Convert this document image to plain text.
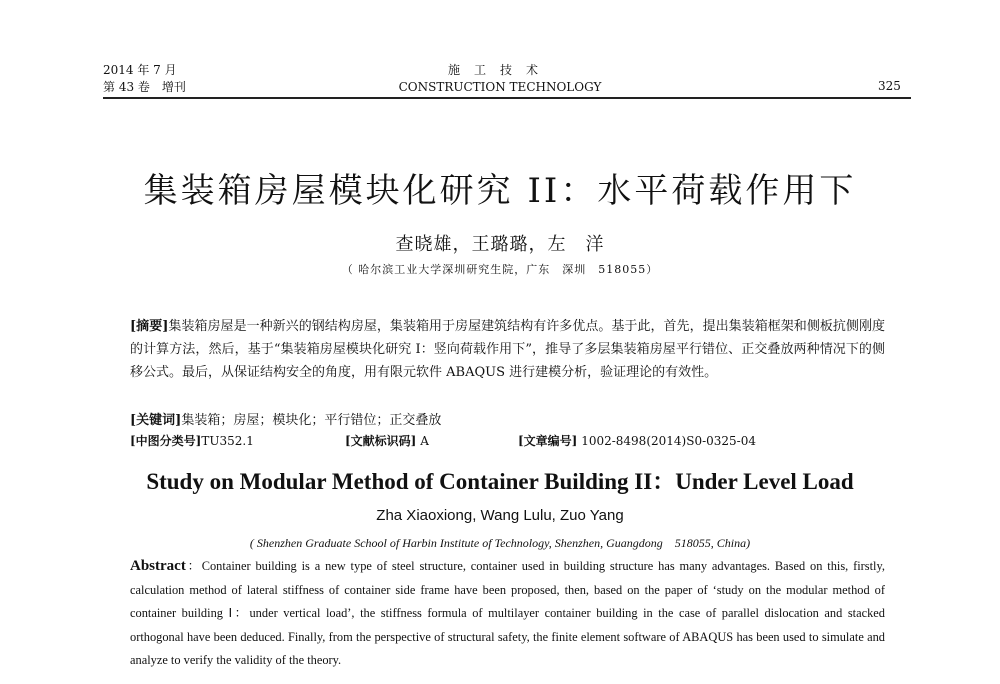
2014 年 7 月
第 43 卷　增刊
施工技术
CONSTRUCTION TECHNOLOGY	325
集装箱房屋模块化研究 II：水平荷载作用下
查晓雄，王璐璐，左　洋
（ 哈尔滨工业大学深圳研究生院，广东　深圳　518055）
[摘要]集装箱房屋是一种新兴的钢结构房屋，集装箱用于房屋建筑结构有许多优点。基于此，首先，提出集装箱框架和侧板抗侧刚度的计算方法，然后，基于“集装箱房屋模块化研究 Ⅰ：竖向荷载作用下”，推导了多层集装箱房屋平行错位、正交叠放两种情况下的侧移公式。最后，从保证结构安全的角度，用有限元软件 ABAQUS 进行建模分析，验证理论的有效性。
[关键词]集装箱；房屋；模块化；平行错位；正交叠放
[中图分类号]TU352.1	[文献标识码] A	[文章编号] 1002-8498(2014)S0-0325-04
Study on Modular Method of Container Building II：Under Level Load
Zha Xiaoxiong, Wang Lulu, Zuo Yang
( Shenzhen Graduate School of Harbin Institute of Technology, Shenzhen, Guangdong　518055, China)
Abstract：Container building is a new type of steel structure, container used in building structure has many advantages. Based on this, firstly, calculation method of lateral stiffness of container side frame have been proposed, then, based on the paper of ‘study on the modular method of container building Ⅰ：under vertical load’, the stiffness formula of multilayer container building in the case of parallel dislocation and stacked orthogonal have been deduced. Finally, from the perspective of structural safety, the finite element software of ABAQUS has been used to simulate and analyze to verify the validity of the theory.
